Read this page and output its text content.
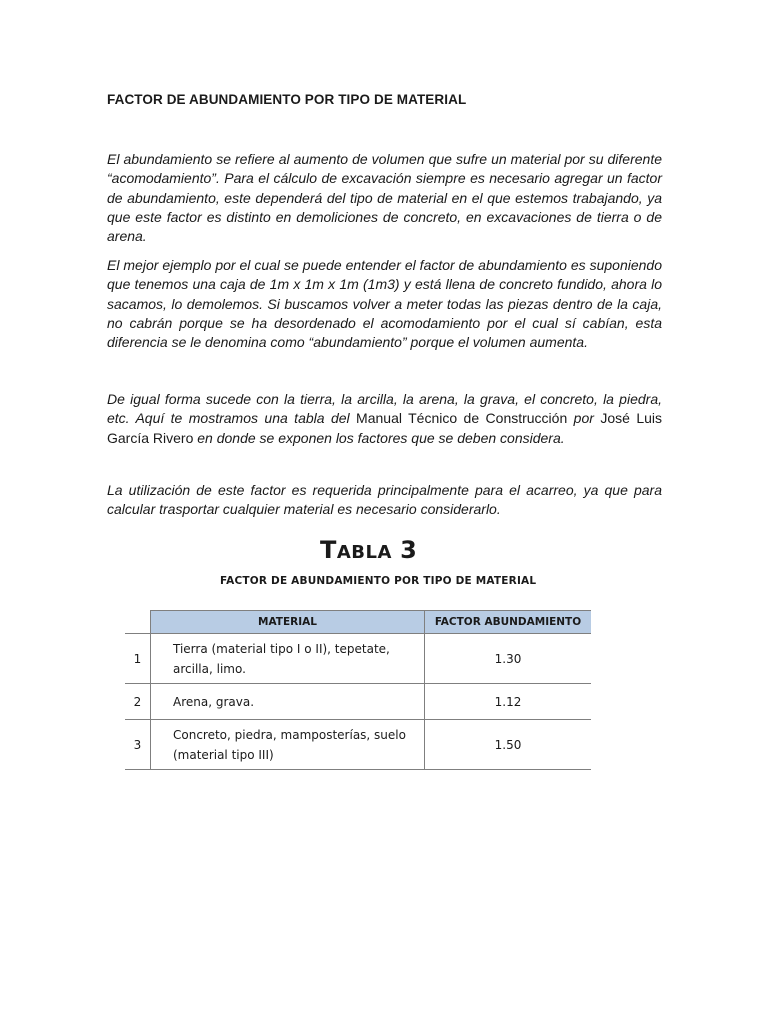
FACTOR DE ABUNDAMIENTO POR TIPO DE MATERIAL

El abundamiento se refiere al aumento de volumen que sufre un material por su diferente “acomodamiento”. Para el cálculo de excavación siempre es necesario agregar un factor de abundamiento, este dependerá del tipo de material en el que estemos trabajando, ya que este factor es distinto en demoliciones de concreto, en excavaciones de tierra o de arena.

El mejor ejemplo por el cual se puede entender el factor de abundamiento es suponiendo que tenemos una caja de 1m x 1m x 1m (1m3) y está llena de concreto fundido, ahora lo sacamos, lo demolemos. Si buscamos volver a meter todas las piezas dentro de la caja, no cabrán porque se ha desordenado el acomodamiento por el cual sí cabían, esta diferencia se le denomina como “abundamiento” porque el volumen aumenta.

De igual forma sucede con la tierra, la arcilla, la arena, la grava, el concreto, la piedra, etc. Aquí te mostramos una tabla del Manual Técnico de Construcción por José Luis García Rivero en donde se exponen los factores que se deben considera.

La utilización de este factor es requerida principalmente para el acarreo, ya que para calcular trasportar cualquier material es necesario considerarlo.

TABLA 3
FACTOR DE ABUNDAMIENTO POR TIPO DE MATERIAL
	MATERIAL	FACTOR ABUNDAMIENTO
1	Tierra (material tipo I o II), tepetate,
arcilla, limo.	1.30
2	Arena, grava.	1.12
3	Concreto, piedra, mamposterías, suelo
(material tipo III)	1.50
